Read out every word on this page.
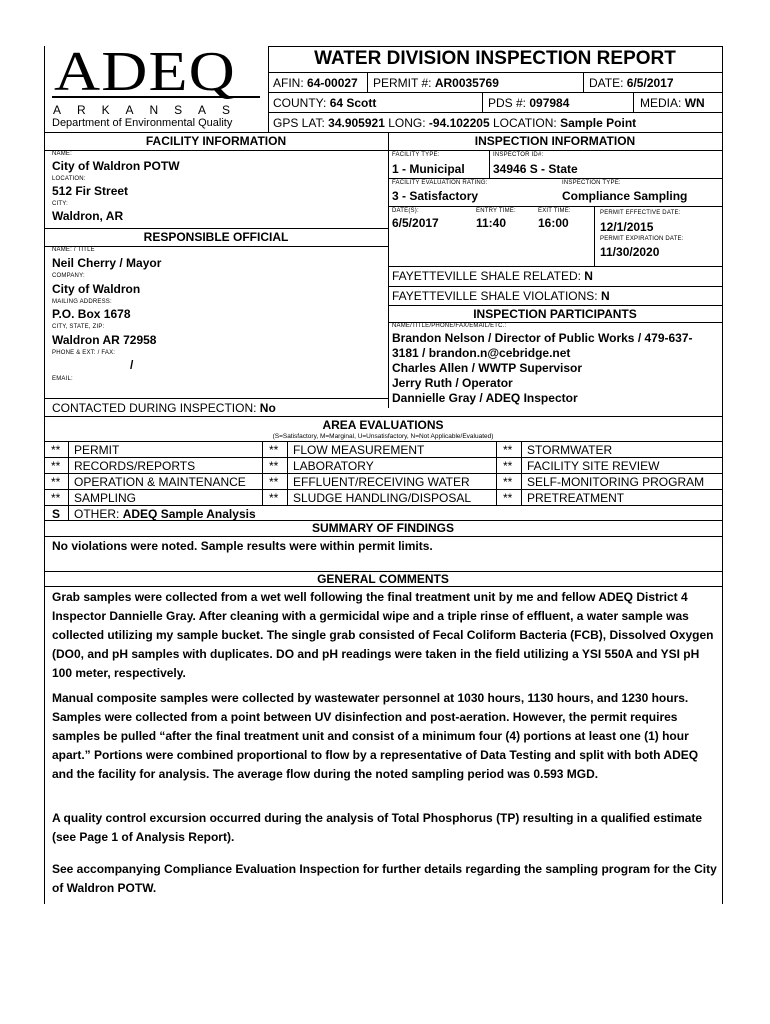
ADEQ
A R K A N S A S
Department of Environmental Quality
WATER DIVISION INSPECTION REPORT
AFIN: 64-00027 PERMIT #: AR0035769	DATE: 6/5/2017
COUNTY: 64 Scott	PDS #: 097984	MEDIA: WN
GPS LAT: 34.905921 LONG: -94.102205 LOCATION: Sample Point
FACILITY INFORMATION	INSPECTION INFORMATION
NAME:
City of Waldron POTW
LOCATION:
512 Fir Street
CITY:
Waldron, AR
RESPONSIBLE OFFICIAL
NAME: / TITLE
Neil Cherry / Mayor
COMPANY:
City of Waldron
MAILING ADDRESS:
P.O. Box 1678
CITY, STATE, ZIP:
Waldron AR 72958
PHONE & EXT: / FAX:
/
EMAIL:
CONTACTED DURING INSPECTION: No
FACILITY TYPE:	INSPECTOR ID#:
1 - Municipal 34946 S - State
FACILITY EVALUATION RATING:	INSPECTION TYPE:
3 - Satisfactory	Compliance Sampling
DATE(S):	ENTRY TIME:	EXIT TIME:
6/5/2017	11:40	16:00
PERMIT EFFECTIVE DATE:
12/1/2015
PERMIT EXPIRATION DATE:
11/30/2020
FAYETTEVILLE SHALE RELATED: N
FAYETTEVILLE SHALE VIOLATIONS: N
INSPECTION PARTICIPANTS
NAME/TITLE/PHONE/FAX/EMAIL/ETC.:
Brandon Nelson / Director of Public Works / 479-637-
3181 / brandon.n@cebridge.net
Charles Allen / WWTP Supervisor
Jerry Ruth / Operator
Dannielle Gray / ADEQ Inspector
AREA EVALUATIONS
(S=Satisfactory, M=Marginal, U=Unsatisfactory, N=Not Applicable/Evaluated)
** PERMIT	** FLOW MEASUREMENT	** STORMWATER
** RECORDS/REPORTS	** LABORATORY	** FACILITY SITE REVIEW
** OPERATION & MAINTENANCE ** EFFLUENT/RECEIVING WATER	** SELF-MONITORING PROGRAM
** SAMPLING	** SLUDGE HANDLING/DISPOSAL	** PRETREATMENT
S OTHER: ADEQ Sample Analysis
SUMMARY OF FINDINGS
No violations were noted. Sample results were within permit limits.
GENERAL COMMENTS
Grab samples were collected from a wet well following the final treatment unit by me and fellow ADEQ District 4 Inspector Dannielle Gray. After cleaning with a germicidal wipe and a triple rinse of effluent, a water sample was collected utilizing my sample bucket. The single grab consisted of Fecal Coliform Bacteria (FCB), Dissolved Oxygen (DO0, and pH samples with duplicates. DO and pH readings were taken in the field utilizing a YSI 550A and YSI pH 100 meter, respectively.
Manual composite samples were collected by wastewater personnel at 1030 hours, 1130 hours, and 1230 hours. Samples were collected from a point between UV disinfection and post-aeration. However, the permit requires samples be pulled “after the final treatment unit and consist of a minimum four (4) portions at least one (1) hour apart.” Portions were combined proportional to flow by a representative of Data Testing and split with both ADEQ and the facility for analysis. The average flow during the noted sampling period was 0.593 MGD.
A quality control excursion occurred during the analysis of Total Phosphorus (TP) resulting in a qualified estimate (see Page 1 of Analysis Report).
See accompanying Compliance Evaluation Inspection for further details regarding the sampling program for the City of Waldron POTW.
